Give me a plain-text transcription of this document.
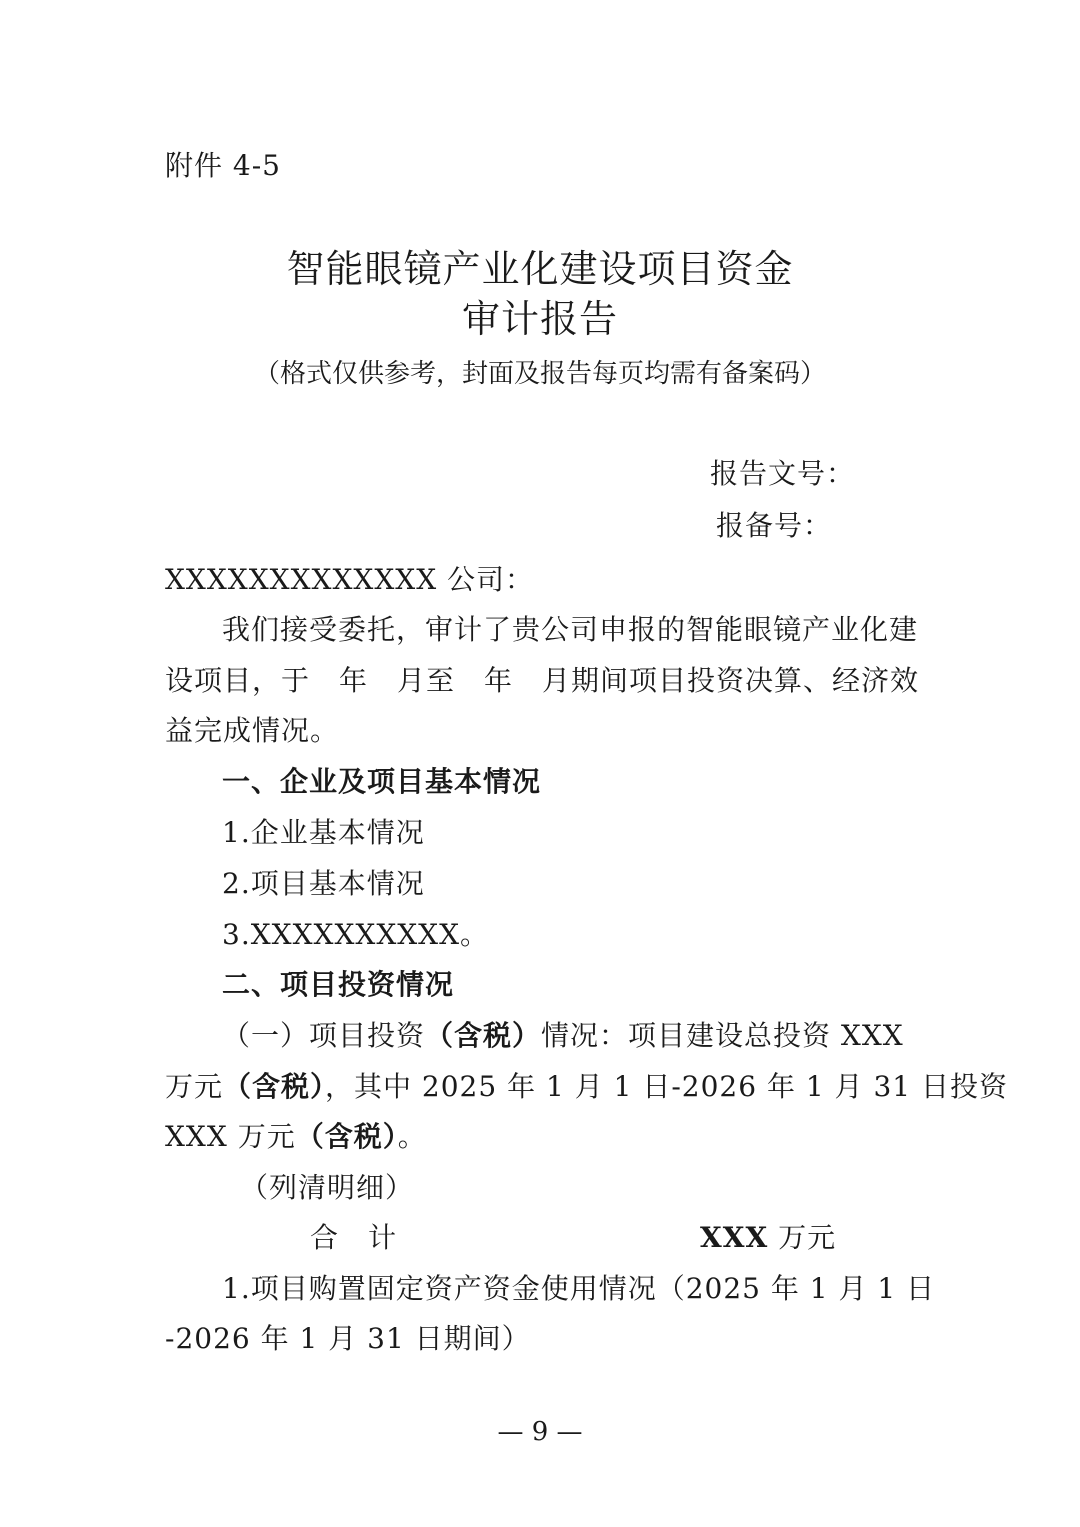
附件 4-5
智能眼镜产业化建设项目资金
审计报告
（格式仅供参考，封面及报告每页均需有备案码）
报告文号：
报备号：
XXXXXXXXXXXXX 公司：
我们接受委托，审计了贵公司申报的智能眼镜产业化建
设项目，于　年　月至　年　月期间项目投资决算、经济效
益完成情况。
一、企业及项目基本情况
1.企业基本情况
2.项目基本情况
3.XXXXXXXXXX。
二、项目投资情况
（一）项目投资（含税）情况：项目建设总投资 XXX
万元（含税），其中 2025 年 1 月 1 日-2026 年 1 月 31 日投资
XXX 万元（含税）。
（列清明细）
合　计	XXX 万元
1.项目购置固定资产资金使用情况（2025 年 1 月 1 日
-2026 年 1 月 31 日期间）
— 9 —
